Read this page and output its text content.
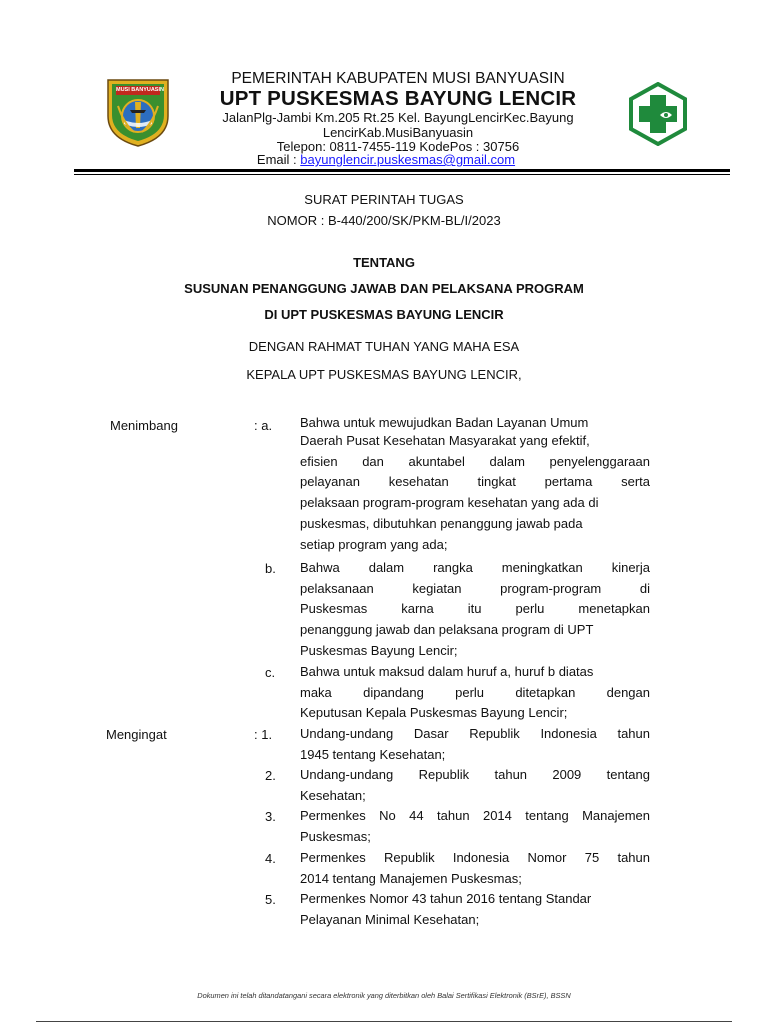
MUSI BANYUASIN
PEMERINTAH KABUPATEN MUSI BANYUASIN
UPT PUSKESMAS BAYUNG LENCIR
JalanPlg-Jambi Km.205 Rt.25 Kel. BayungLencirKec.Bayung
LencirKab.MusiBanyuasin
Telepon: 0811-7455-119 KodePos : 30756
Email : bayunglencir.puskesmas@gmail.com
SURAT PERINTAH TUGAS
NOMOR : B-440/200/SK/PKM-BL/I/2023
TENTANG
SUSUNAN PENANGGUNG JAWAB DAN PELAKSANA PROGRAM
DI UPT PUSKESMAS BAYUNG LENCIR
DENGAN RAHMAT TUHAN YANG MAHA ESA
KEPALA UPT PUSKESMAS BAYUNG LENCIR,
Menimbang	: a. Bahwa untuk mewujudkan Badan Layanan Umum
Daerah Pusat Kesehatan Masyarakat yang efektif,
efisien dan akuntabel dalam penyelenggaraan
pelayanan kesehatan tingkat pertama serta
pelaksaan program-program kesehatan yang ada di
puskesmas, dibutuhkan penanggung jawab pada
setiap program yang ada;
b. Bahwa dalam rangka meningkatkan kinerja
pelaksanaan kegiatan program-program di
Puskesmas karna itu perlu menetapkan
penanggung jawab dan pelaksana program di UPT
Puskesmas Bayung Lencir;
c. Bahwa untuk maksud dalam huruf a, huruf b diatas
maka dipandang perlu ditetapkan dengan
Keputusan Kepala Puskesmas Bayung Lencir;
Mengingat	: 1. Undang-undang Dasar Republik Indonesia tahun
1945 tentang Kesehatan;
2. Undang-undang Republik tahun 2009 tentang
Kesehatan;
3. Permenkes No 44 tahun 2014 tentang Manajemen
Puskesmas;
4. Permenkes Republik Indonesia Nomor 75 tahun
2014 tentang Manajemen Puskesmas;
5. Permenkes Nomor 43 tahun 2016 tentang Standar
Pelayanan Minimal Kesehatan;
Dokumen ini telah ditandatangani secara elektronik yang diterbitkan oleh Balai Sertifikasi Elektronik (BSrE), BSSN
